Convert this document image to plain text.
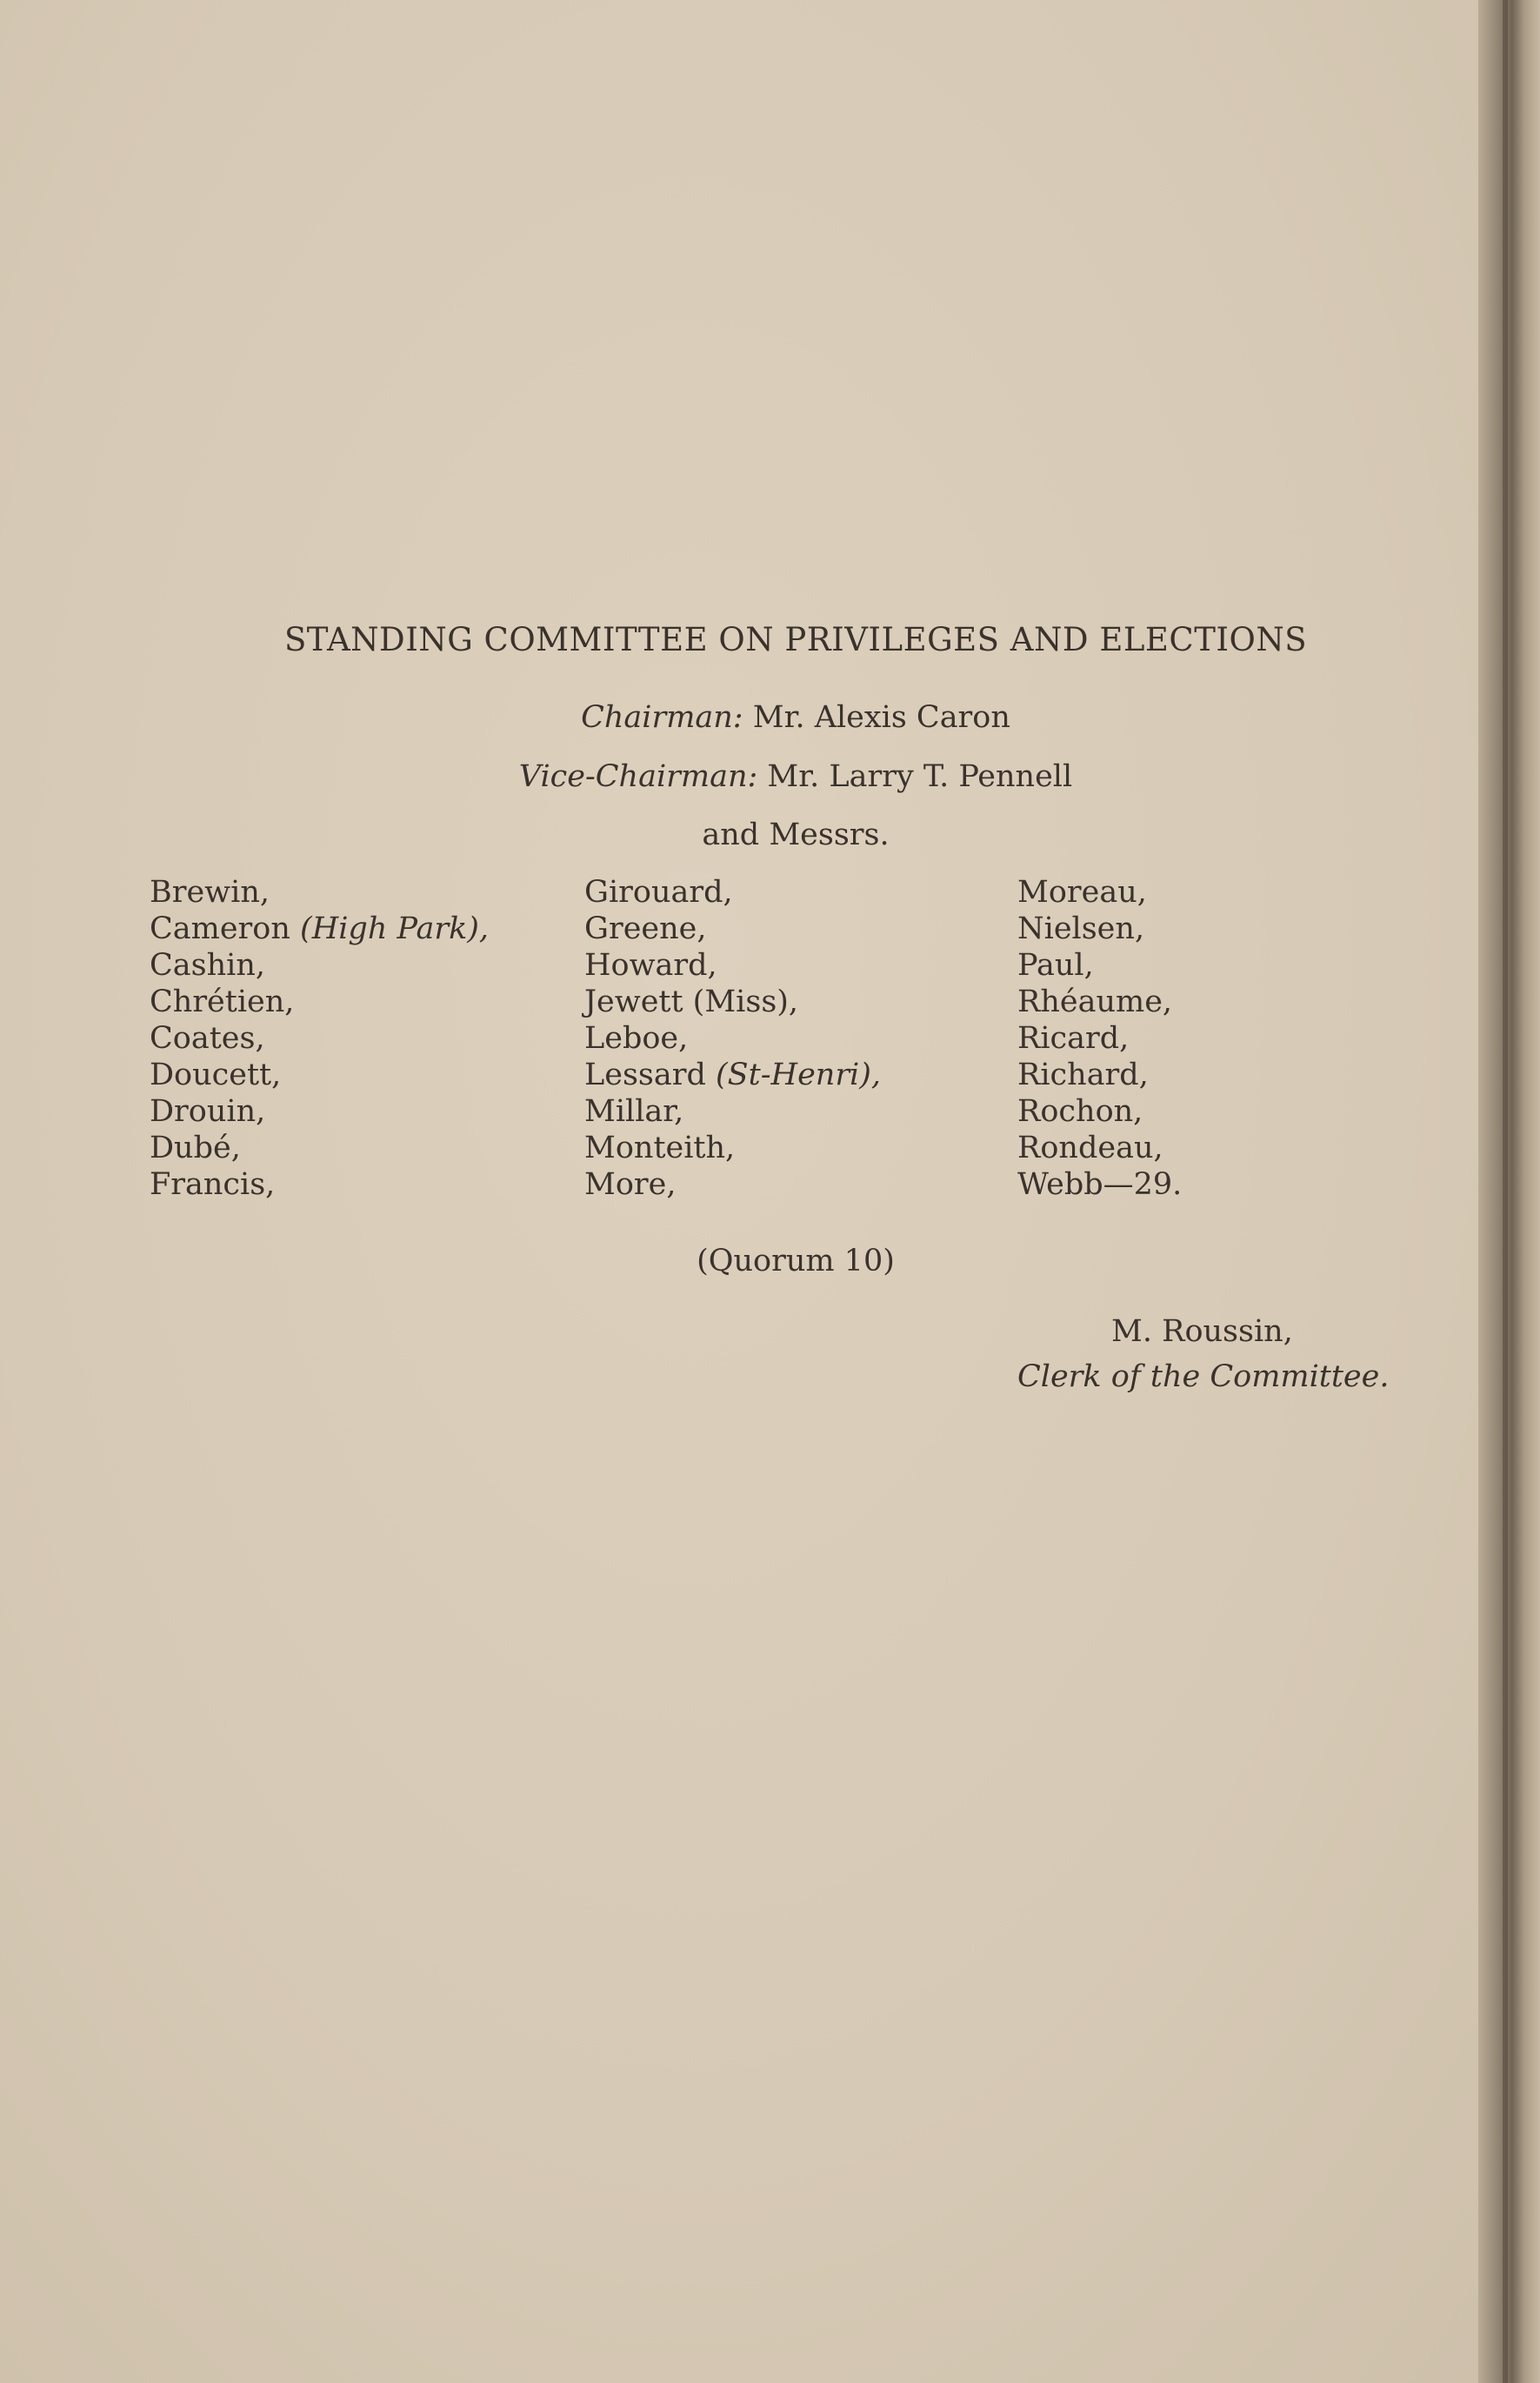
STANDING COMMITTEE ON PRIVILEGES AND ELECTIONS
Chairman: Mr. Alexis Caron
Vice-Chairman: Mr. Larry T. Pennell
and Messrs.
Brewin,
Cameron (High Park),
Cashin,
Chrétien,
Coates,
Doucett,
Drouin,
Dubé,
Francis,
Girouard,
Greene,
Howard,
Jewett (Miss),
Leboe,
Lessard (St-Henri),
Millar,
Monteith,
More,
Moreau,
Nielsen,
Paul,
Rhéaume,
Ricard,
Richard,
Rochon,
Rondeau,
Webb—29.
(Quorum 10)
M. Roussin,
Clerk of the Committee.
